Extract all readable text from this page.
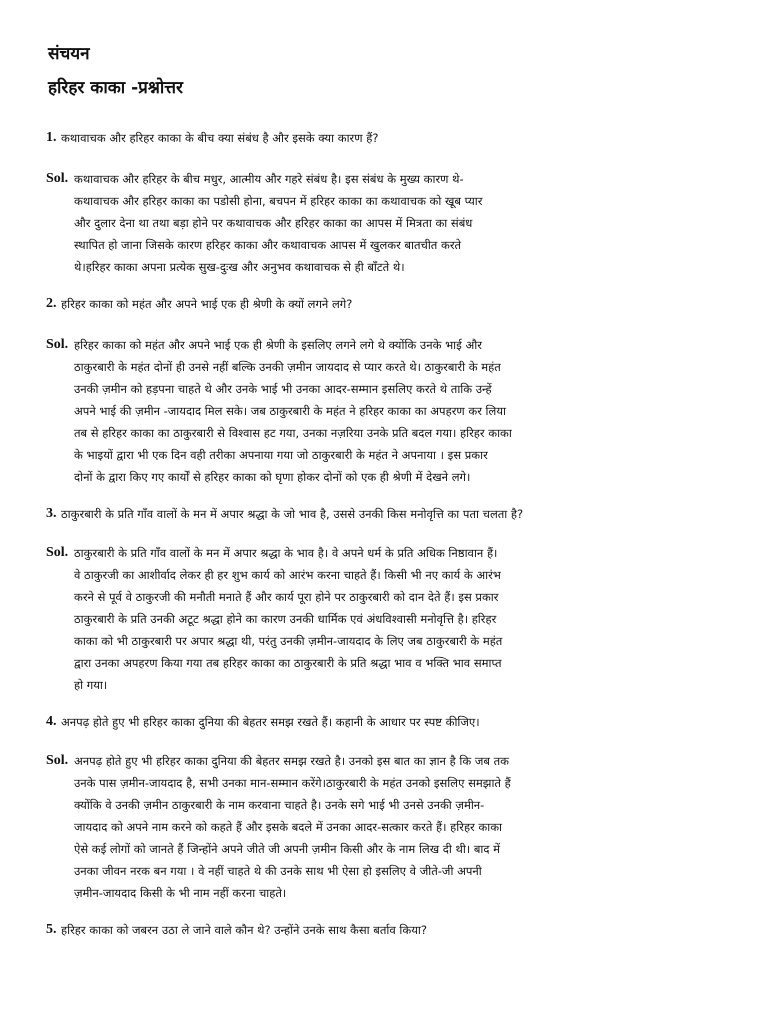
संचयन
हरिहर काका -प्रश्नोत्तर
1. कथावाचक और हरिहर काका के बीच क्या संबंध है और इसके क्या कारण हैं?
Sol. कथावाचक और हरिहर के बीच मधुर, आत्मीय और गहरे संबंध है। इस संबंध के मुख्य कारण थे-
कथावाचक और हरिहर काका का पडोसी होना, बचपन में हरिहर काका का कथावाचक को खूब प्यार
और दुलार देना था तथा बड़ा होने पर कथावाचक और हरिहर काका का आपस में मित्रता का संबंध
स्थापित हो जाना जिसके कारण हरिहर काका और कथावाचक आपस में खुलकर बातचीत करते
थे।हरिहर काका अपना प्रत्येक सुख-दुःख और अनुभव कथावाचक से ही बाँटते थे।
2. हरिहर काका को महंत और अपने भाई एक ही श्रेणी के क्यों लगने लगे?
Sol. हरिहर काका को महंत और अपने भाई एक ही श्रेणी के इसलिए लगने लगे थे क्योंकि उनके भाई और
ठाकुरबारी के महंत दोनों ही उनसे नहीं बल्कि उनकी ज़मीन जायदाद से प्यार करते थे। ठाकुरबारी के महंत
उनकी ज़मीन को हड़पना चाहते थे और उनके भाई भी उनका आदर-सम्मान इसलिए करते थे ताकि उन्हें
अपने भाई की ज़मीन -जायदाद मिल सके। जब ठाकुरबारी के महंत ने हरिहर काका का अपहरण कर लिया
तब से हरिहर काका का ठाकुरबारी से विश्वास हट गया, उनका नज़रिया उनके प्रति बदल गया। हरिहर काका
के भाइयों द्वारा भी एक दिन वही तरीका अपनाया गया जो ठाकुरबारी के महंत ने अपनाया । इस प्रकार
दोनों के द्वारा किए गए कार्यों से हरिहर काका को घृणा होकर दोनों को एक ही श्रेणी में देखने लगे।
3. ठाकुरबारी के प्रति गाँव वालों के मन में अपार श्रद्धा के जो भाव है, उससे उनकी किस मनोवृत्ति का पता चलता है?
Sol. ठाकुरबारी के प्रति गाँव वालों के मन में अपार श्रद्धा के भाव है। वे अपने धर्म के प्रति अधिक निष्ठावान हैं।
वे ठाकुरजी का आशीर्वाद लेकर ही हर शुभ कार्य को आरंभ करना चाहते हैं। किसी भी नए कार्य के आरंभ
करने से पूर्व वे ठाकुरजी की मनौती मनाते हैं और कार्य पूरा होने पर ठाकुरबारी को दान देते हैं। इस प्रकार
ठाकुरबारी के प्रति उनकी अटूट श्रद्धा होने का कारण उनकी धार्मिक एवं अंधविश्वासी मनोवृत्ति है। हरिहर
काका को भी ठाकुरबारी पर अपार श्रद्धा थी, परंतु उनकी ज़मीन-जायदाद के लिए जब ठाकुरबारी के महंत
द्वारा उनका अपहरण किया गया तब हरिहर काका का ठाकुरबारी के प्रति श्रद्धा भाव व भक्ति भाव समाप्त
हो गया।
4. अनपढ़ होते हुए भी हरिहर काका दुनिया की बेहतर समझ रखते हैं। कहानी के आधार पर स्पष्ट कीजिए।
Sol. अनपढ़ होते हुए भी हरिहर काका दुनिया की बेहतर समझ रखते है। उनको इस बात का ज्ञान है कि जब तक
उनके पास ज़मीन-जायदाद है, सभी उनका मान-सम्मान करेंगे।ठाकुरबारी के महंत उनको इसलिए समझाते हैं
क्योंकि वे उनकी ज़मीन ठाकुरबारी के नाम करवाना चाहते है। उनके सगे भाई भी उनसे उनकी ज़मीन-
जायदाद को अपने नाम करने को कहते हैं और इसके बदले में उनका आदर-सत्कार करते हैं। हरिहर काका
ऐसे कई लोगों को जानते हैं जिन्होंने अपने जीते जी अपनी ज़मीन किसी और के नाम लिख दी थी। बाद में
उनका जीवन नरक बन गया । वे नहीं चाहते थे की उनके साथ भी ऐसा हो इसलिए वे जीते-जी अपनी
ज़मीन-जायदाद किसी के भी नाम नहीं करना चाहते।
5. हरिहर काका को जबरन उठा ले जाने वाले कौन थे? उन्होंने उनके साथ कैसा बर्ताव किया?
